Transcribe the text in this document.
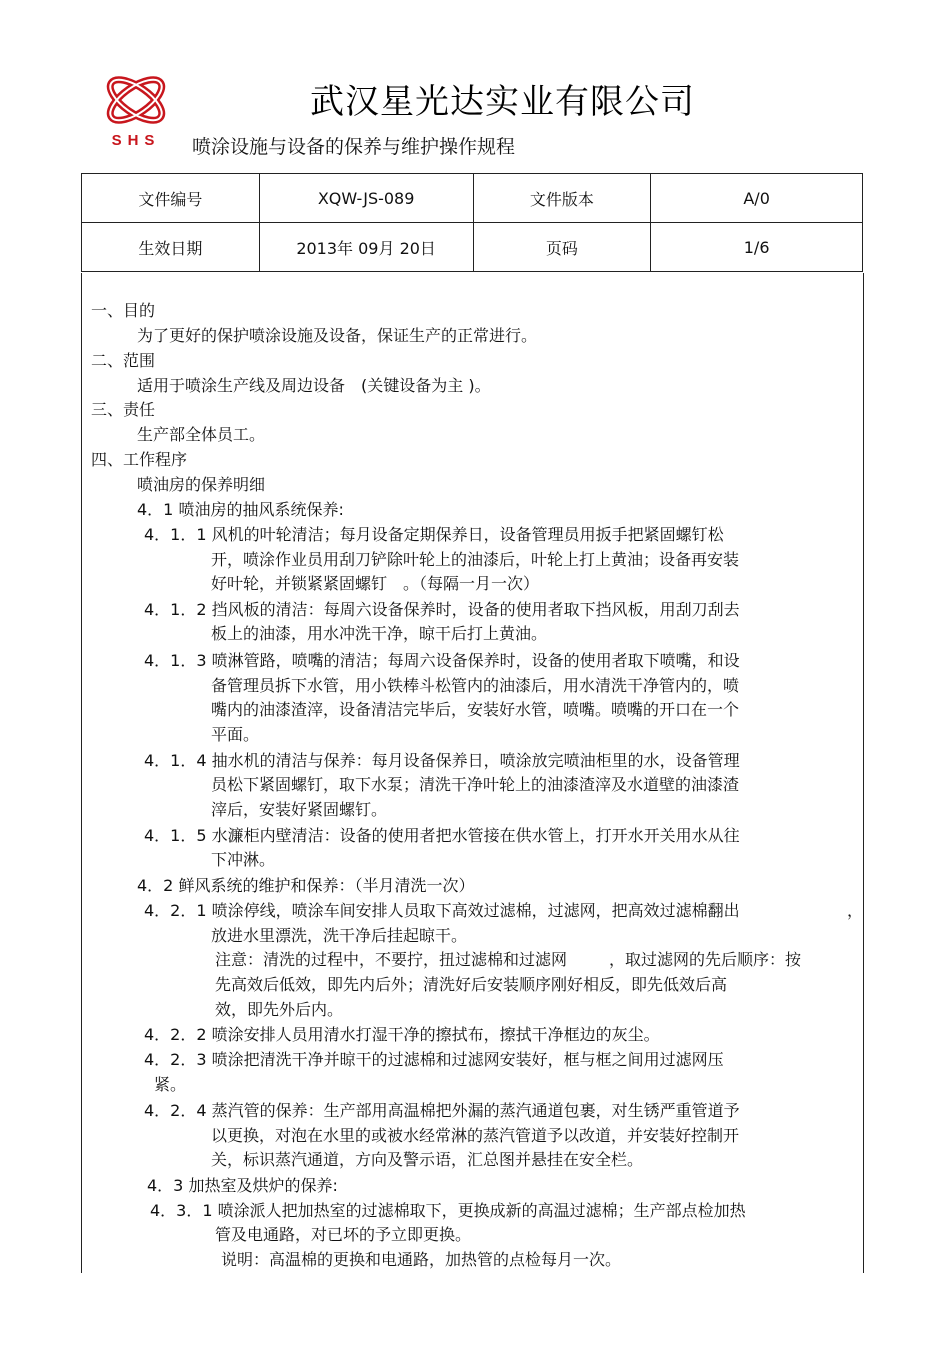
SHS
武汉星光达实业有限公司
喷涂设施与设备的保养与维护操作规程
文件编号	XQW-JS-089	文件版本	A/0
生效日期	2013年 09月 20日	页码	1/6
一、目的
为了更好的保护喷涂设施及设备，保证生产的正常进行。
二、范围
适用于喷涂生产线及周边设备　(关键设备为主 )。
三、责任
生产部全体员工。
四、工作程序
喷油房的保养明细
4．1 喷油房的抽风系统保养:
4．1．1 风机的叶轮清洁；每月设备定期保养日，设备管理员用扳手把紧固螺钉松
开，喷涂作业员用刮刀铲除叶轮上的油漆后，叶轮上打上黄油；设备再安装
好叶轮，并锁紧紧固螺钉　。（每隔一月一次）
4．1．2 挡风板的清洁：每周六设备保养时，设备的使用者取下挡风板，用刮刀刮去
板上的油漆，用水冲洗干净，晾干后打上黄油。
4．1．3 喷淋管路，喷嘴的清洁；每周六设备保养时，设备的使用者取下喷嘴，和设
备管理员拆下水管，用小铁棒斗松管内的油漆后，用水清洗干净管内的，喷
嘴内的油漆渣滓，设备清洁完毕后，安装好水管，喷嘴。喷嘴的开口在一个
平面。
4．1．4 抽水机的清洁与保养：每月设备保养日，喷涂放完喷油柜里的水，设备管理
员松下紧固螺钉，取下水泵；清洗干净叶轮上的油漆渣滓及水道壁的油漆渣
滓后，安装好紧固螺钉。
4．1．5 水濂柜内壁清洁：设备的使用者把水管接在供水管上，打开水开关用水从往
下冲淋。
4．2 鲜风系统的维护和保养：（半月清洗一次）
4．2．1 喷涂停线，喷涂车间安排人员取下高效过滤棉，过滤网，把高效过滤棉翻出	，
放进水里漂洗，洗干净后挂起晾干。
注意：清洗的过程中，不要拧，扭过滤棉和过滤网	，取过滤网的先后顺序：按
先高效后低效，即先内后外；清洗好后安装顺序刚好相反，即先低效后高
效，即先外后内。
4．2．2 喷涂安排人员用清水打湿干净的擦拭布，擦拭干净框边的灰尘。
4．2．3 喷涂把清洗干净并晾干的过滤棉和过滤网安装好，框与框之间用过滤网压
紧。
4．2．4 蒸汽管的保养：生产部用高温棉把外漏的蒸汽通道包裹，对生锈严重管道予
以更换，对泡在水里的或被水经常淋的蒸汽管道予以改道，并安装好控制开
关，标识蒸汽通道，方向及警示语，汇总图并悬挂在安全栏。
4．3 加热室及烘炉的保养:
4．3．1 喷涂派人把加热室的过滤棉取下，更换成新的高温过滤棉；生产部点检加热
管及电通路，对已坏的予立即更换。
说明：高温棉的更换和电通路，加热管的点检每月一次。
